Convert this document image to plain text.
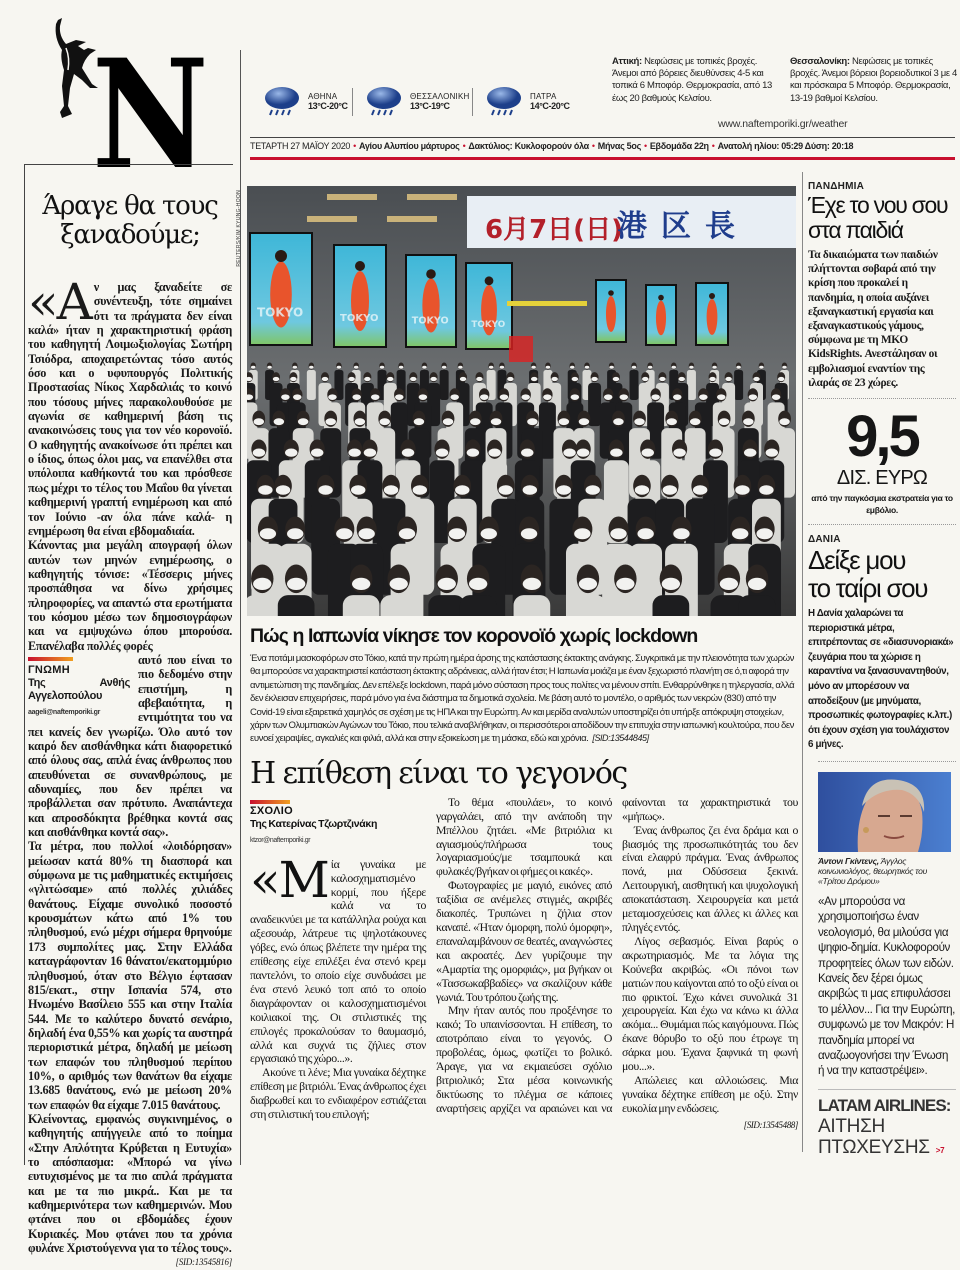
N	ΑΘΗΝΑ
13°C-20°C
ΘΕΣΣΑΛΟΝΙΚΗ
13°C-19°C
ΠΑΤΡΑ
14°C-20°C
Αττική: Νεφώσεις με τοπικές βροχές. Άνεμοι από βόρειες διευθύνσεις 4-5 και τοπικά 6 Μποφόρ. Θερμοκρασία, από 13 έως 20 βαθμούς Κελσίου.
Θεσσαλονίκη: Νεφώσεις με τοπικές βροχές. Άνεμοι βόρειοι βορειοδυτικοί 3 με 4 και πρόσκαιρα 5 Μποφόρ. Θερμοκρασία, 13-19 βαθμοί Κελσίου.
www.naftemporiki.gr/weather
ΤΕΤΑΡΤΗ 27 ΜΑΪΟΥ 2020 • Αγίου Αλυπίου μάρτυρος • Δακτύλιος: Κυκλοφορούν όλα • Μήνας 5ος • Εβδομάδα 22η • Ανατολή ηλίου: 05:29 Δύση: 20:18
Άραγε θα τους ξαναδούμε;

«Αν μας ξαναδείτε σε συνέντευξη, τότε σημαίνει ότι τα πράγματα δεν είναι καλά» ήταν η χαρακτηριστική φράση του καθηγητή Λοιμωξιολογίας Σωτήρη Τσιόδρα, αποχαιρετώντας τόσο αυτός όσο και ο υφυπουργός Πολιτικής Προστασίας Νίκος Χαρδαλιάς το κοινό που τόσους μήνες παρακολουθούσε με αγωνία σε καθημερινή βάση τις ανακοινώσεις τους για τον νέο κορονοϊό. Ο καθηγητής ανακοίνωσε ότι πρέπει και ο ίδιος, όπως όλοι μας, να επανέλθει στα υπόλοιπα καθήκοντά του και πρόσθεσε πως μέχρι το τέλος του Μαΐου θα γίνεται καθημερινή γραπτή ενημέρωση και από τον Ιούνιο -αν όλα πάνε καλά- η ενημέρωση θα είναι εβδομαδιαία.

Κάνοντας μια μεγάλη απογραφή όλων αυτών των μηνών ενημέρωσης, ο καθηγητής τόνισε: «Τέσσερις μήνες προσπάθησα να δίνω χρήσιμες πληροφορίες, να απαντώ στα ερωτήματα του κόσμου μέσω των δημοσιογράφων και να εμψυχώνω όπου μπορούσα. Επανέλαβα πολλές φορές

ΓΝΩΜΗ
Της Ανθής Αγγελοπούλου
aageli@naftemporiki.gr
αυτό που είναι το πιο δεδομένο στην επιστήμη, η αβεβαιότητα, η εντιμότητα του να πει κανείς δεν γνωρίζω. Όλο αυτό τον καιρό δεν αισθάνθηκα κάτι διαφορετικό από όλους σας, απλά ένας άνθρωπος που απευθύνεται σε συνανθρώπους, με αδυναμίες, που δεν πρέπει να προβάλλεται σαν πρότυπο. Αναπάντεχα και απροσδόκητα βρέθηκα κοντά σας και αισθάνθηκα κοντά σας».

Τα μέτρα, που πολλοί «λοιδόρησαν» μείωσαν κατά 80% τη διασπορά και σύμφωνα με τις μαθηματικές εκτιμήσεις «γλιτώσαμε» από πολλές χιλιάδες θανάτους. Είχαμε συνολικό ποσοστό κρουσμάτων κάτω από 1% του πληθυσμού, ενώ μέχρι σήμερα θρηνούμε 173 συμπολίτες μας. Στην Ελλάδα καταγράφονταν 16 θάνατοι/εκατομμύριο πληθυσμού, όταν στο Βέλγιο έφτασαν 815/εκατ., στην Ισπανία 574, στο Ηνωμένο Βασίλειο 555 και στην Ιταλία 544. Με το καλύτερο δυνατό σενάριο, δηλαδή ένα 0,55% και χωρίς τα αυστηρά περιοριστικά μέτρα, δηλαδή με μείωση των επαφών του πληθυσμού περίπου 10%, ο αριθμός των θανάτων θα είχαμε 13.685 θανάτους, ενώ με μείωση 20% των επαφών θα είχαμε 7.015 θανάτους.

Κλείνοντας, εμφανώς συγκινημένος, ο καθηγητής απήγγειλε από το ποίημα «Στην Απλότητα Κρύβεται η Ευτυχία» το απόσπασμα: «Μπορώ να γίνω ευτυχισμένος με τα πιο απλά πράγματα και με τα πιο μικρά.. Και με τα καθημερινότερα των καθημερινών. Μου φτάνει που οι εβδομάδες έχουν Κυριακές. Μου φτάνει που τα χρόνια φυλάνε Χριστούγεννα για το τέλος τους».

[SID:13545816]

REUTERS/KIM KYUNG-HOON	6月7日(日)
港区長
TOKYO	TOKYO	TOKYO	TOKYO
Πώς η Ιαπωνία νίκησε τον κορονοϊό χωρίς lockdown
Ένα ποτάμι μασκοφόρων στο Τόκιο, κατά την πρώτη ημέρα άρσης της κατάστασης έκτακτης ανάγκης. Συγκριτικά με την πλειονότητα των χωρών θα μπορούσε να χαρακτηριστεί κατάσταση έκτακτης αδράνειας, αλλά ήταν έτσι; Η Ιαπωνία μοιάζει με έναν ξεχωριστό πλανήτη σε ό,τι αφορά την αντιμετώπιση της πανδημίας. Δεν επέλεξε lockdown, παρά μόνο σύσταση προς τους πολίτες να μένουν σπίτι. Ενθαρρύνθηκε η τηλεργασία, αλλά δεν έκλεισαν επιχειρήσεις, παρά μόνο για ένα διάστημα τα δημοτικά σχολεία. Με βάση αυτό το μοντέλο, ο αριθμός των νεκρών (830) από την Covid-19 είναι εξαιρετικά χαμηλός σε σχέση με τις ΗΠΑ και την Ευρώπη. Αν και μερίδα αναλυτών υποστηρίζει ότι υπήρξε απόκρυψη στοιχείων, χάριν των Ολυμπιακών Αγώνων του Τόκιο, που τελικά αναβλήθηκαν, οι περισσότεροι αποδίδουν την επιτυχία στην ιαπωνική κουλτούρα, που δεν ευνοεί χειραψίες, αγκαλιές και φιλιά, αλλά και στην εξοικείωση με τη μάσκα, εδώ και χρόνια. [SID:13544845]
Η επίθεση είναι το γεγονός
ΣΧΟΛΙΟ
Της Κατερίνας Τζωρτζινάκη
ktzor@naftemporiki.gr

«Μία γυναίκα με καλοσχηματισμένο κορμί, που ήξερε καλά να το αναδεικνύει με τα κατάλληλα ρούχα και αξεσουάρ, λάτρευε τις ψηλοτάκουνες γόβες, ενώ όπως βλέπετε την ημέρα της επίθεσης είχε επιλέξει ένα στενό κρεμ παντελόνι, το οποίο είχε συνδυάσει με ένα στενό λευκό τοπ από το οποίο διαγράφονταν οι καλοσχηματισμένοι κοιλιακοί της. Οι στιλιστικές της επιλογές προκαλούσαν το θαυμασμό, αλλά και συχνά τις ζήλιες στον εργασιακό της χώρο...».

Ακούνε τι λένε; Μια γυναίκα δέχτηκε επίθεση με βιτριόλι. Ένας άνθρωπος έχει διαβρωθεί και το ενδιαφέρον εστιάζεται στη στιλιστική του επιλογή;

Το θέμα «πουλάει», το κοινό γαργαλάει, από την ανάποδη την Μπέλλου ζητάει. «Με βιτριόλια κι αγιασμούς/πλήρωσα τους λογαριασμούς/με τσαμπουκά και φυλακές/βγήκαν οι φήμες οι κακές».

Φωτογραφίες με μαγιό, εικόνες από ταξίδια σε ανέμελες στιγμές, ακριβές διακοπές. Τρυπώνει η ζήλια στον καναπέ. «Ήταν όμορφη, πολύ όμορφη», επαναλαμβάνουν σε θεατές, αναγνώστες και ακροατές. Δεν γυρίζουμε την «Αμαρτία της ομορφιάς», μα βγήκαν οι «Τασσωκαββαδίες» να σκαλίζουν κάθε γωνιά. Του τρόπου ζωής της.

Μην ήταν αυτός που προξένησε το κακό; Το υπαινίσσονται. Η επίθεση, το αποτρόπαιο είναι το γεγονός. Ο προβολέας, όμως, φωτίζει το βολικό. Άραγε, για να εκμαιεύσει σχόλιο βιτριολικό; Στα μέσα κοινωνικής δικτύωσης το πλέγμα σε κάποιες αναρτήσεις αρχίζει να αραιώνει και να φαίνονται τα χαρακτηριστικά του «μήπως».

Ένας άνθρωπος ζει ένα δράμα και ο βιασμός της προσωπικότητάς του δεν είναι ελαφρύ πράγμα. Ένας άνθρωπος πονά, μια Οδύσσεια ξεκινά. Λειτουργική, αισθητική και ψυχολογική αποκατάσταση. Χειρουργεία και μετά μεταμοσχεύσεις και άλλες κι άλλες και πληγές εντός.

Λίγος σεβασμός. Είναι βαρύς ο ακρωτηριασμός. Με τα λόγια της Κούνεβα ακριβώς. «Οι πόνοι των ματιών που καίγονται από το οξύ είναι οι πιο φρικτοί. Έχω κάνει συνολικά 31 χειρουργεία. Και έχω να κάνω κι άλλα ακόμα... Θυμάμαι πώς καιγόμουνα. Πώς έκανε θόρυβο το οξύ που έτρωγε τη σάρκα μου. Έχανα ξαφνικά τη φωνή μου...».

Απώλειες και αλλοιώσεις. Μια γυναίκα δέχτηκε επίθεση με οξύ. Στην ευκολία μην ενδώσεις.

[SID:13545488]

ΠΑΝΔΗΜΙΑ
Έχε το νου σου
στα παιδιά
Τα δικαιώματα των παιδιών πλήττονται σοβαρά από την κρίση που προκαλεί η πανδημία, η οποία αυξάνει εξαναγκαστική εργασία και εξαναγκαστικούς γάμους, σύμφωνα με τη ΜΚΟ KidsRights. Ανεστάλησαν οι εμβολιασμοί εναντίον της ιλαράς σε 23 χώρες.
9,5
ΔΙΣ. ΕΥΡΩ
από την παγκόσμια εκστρατεία για το εμβόλιο.
ΔΑΝΙΑ
Δείξε μου
το ταίρι σου
Η Δανία χαλαρώνει τα περιοριστικά μέτρα, επιτρέποντας σε «διασυνοριακά» ζευγάρια που τα χώρισε η καραντίνα να ξανασυναντηθούν, μόνο αν μπορέσουν να αποδείξουν (με μηνύματα, προσωπικές φωτογραφίες κ.λπ.) ότι έχουν σχέση για τουλάχιστον 6 μήνες.
Άντονι Γκίντενς, Άγγλος κοινωνιολόγος, θεωρητικός του «Τρίτου Δρόμου»
«Αν μπορούσα να χρησιμοποιήσω έναν νεολογισμό, θα μιλούσα για ψηφιο-δημία. Κυκλοφορούν προφητείες όλων των ειδών. Κανείς δεν ξέρει όμως ακριβώς τι μας επιφυλάσσει το μέλλον... Για την Ευρώπη, συμφωνώ με τον Μακρόν: Η πανδημία μπορεί να αναζωογονήσει την Ένωση ή να την καταστρέψει».
LATAM AIRLINES:
ΑΙΤΗΣΗ
ΠΤΩΧΕΥΣΗΣ >7
